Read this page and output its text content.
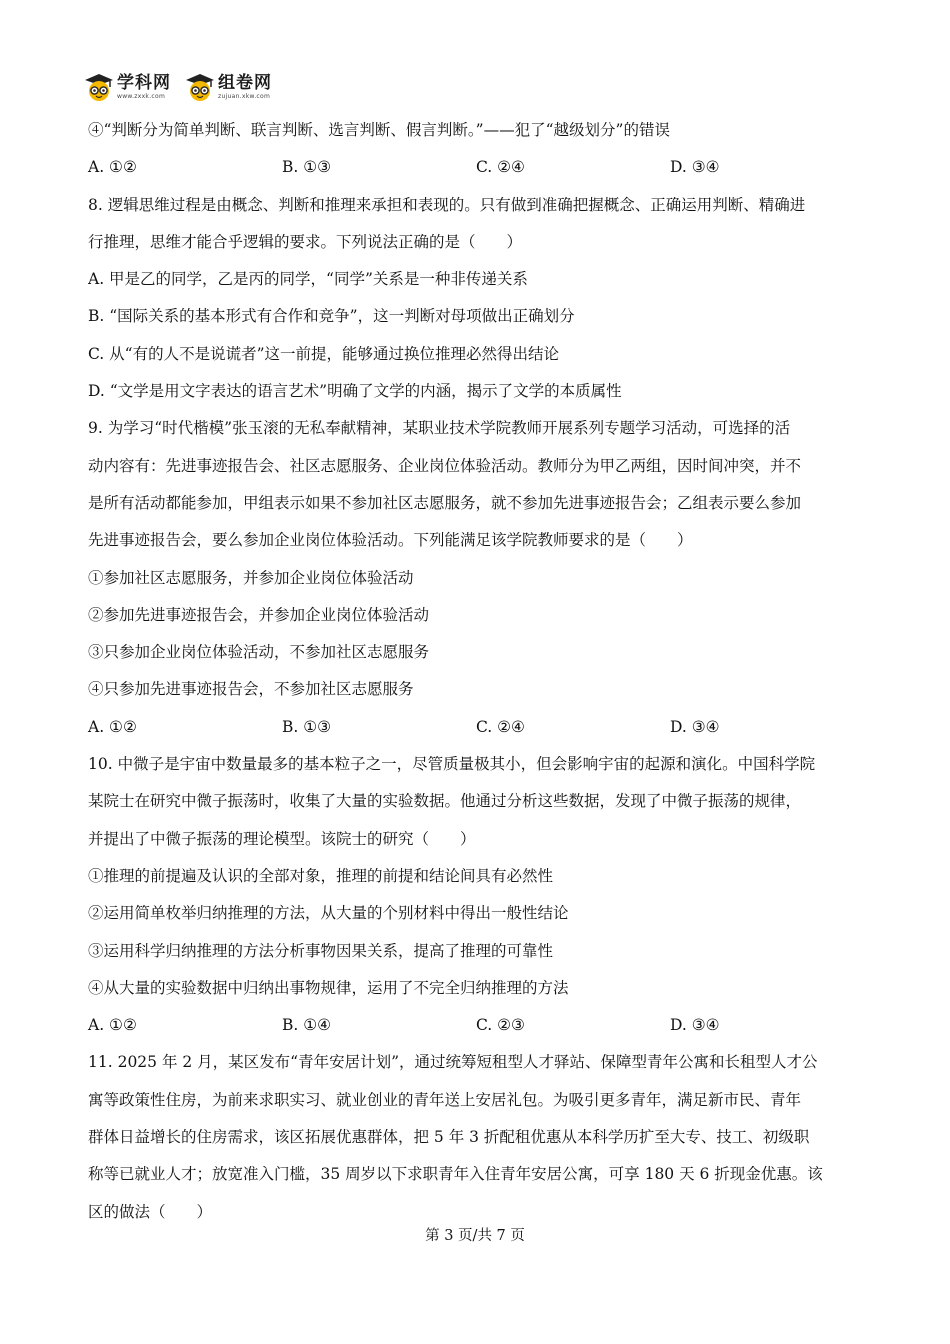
学科网
www.zxxk.com
组卷网
zujuan.xkw.com
④“判断分为简单判断、联言判断、选言判断、假言判断。”——犯了“越级划分”的错误
A. ①②	B. ①③	C. ②④	D. ③④
8. 逻辑思维过程是由概念、判断和推理来承担和表现的。只有做到准确把握概念、正确运用判断、精确进
行推理，思维才能合乎逻辑的要求。下列说法正确的是（　　）
A. 甲是乙的同学，乙是丙的同学，“同学”关系是一种非传递关系
B. “国际关系的基本形式有合作和竞争”，这一判断对母项做出正确划分
C. 从“有的人不是说谎者”这一前提，能够通过换位推理必然得出结论
D. “文学是用文字表达的语言艺术”明确了文学的内涵，揭示了文学的本质属性
9. 为学习“时代楷模”张玉滚的无私奉献精神，某职业技术学院教师开展系列专题学习活动，可选择的活
动内容有：先进事迹报告会、社区志愿服务、企业岗位体验活动。教师分为甲乙两组，因时间冲突，并不
是所有活动都能参加，甲组表示如果不参加社区志愿服务，就不参加先进事迹报告会；乙组表示要么参加
先进事迹报告会，要么参加企业岗位体验活动。下列能满足该学院教师要求的是（　　）
①参加社区志愿服务，并参加企业岗位体验活动
②参加先进事迹报告会，并参加企业岗位体验活动
③只参加企业岗位体验活动，不参加社区志愿服务
④只参加先进事迹报告会，不参加社区志愿服务
A. ①②	B. ①③	C. ②④	D. ③④
10. 中微子是宇宙中数量最多的基本粒子之一，尽管质量极其小，但会影响宇宙的起源和演化。中国科学院
某院士在研究中微子振荡时，收集了大量的实验数据。他通过分析这些数据，发现了中微子振荡的规律，
并提出了中微子振荡的理论模型。该院士的研究（　　）
①推理的前提遍及认识的全部对象，推理的前提和结论间具有必然性
②运用简单枚举归纳推理的方法，从大量的个别材料中得出一般性结论
③运用科学归纳推理的方法分析事物因果关系，提高了推理的可靠性
④从大量的实验数据中归纳出事物规律，运用了不完全归纳推理的方法
A. ①②	B. ①④	C. ②③	D. ③④
11. 2025 年 2 月，某区发布“青年安居计划”，通过统筹短租型人才驿站、保障型青年公寓和长租型人才公
寓等政策性住房，为前来求职实习、就业创业的青年送上安居礼包。为吸引更多青年，满足新市民、青年
群体日益增长的住房需求，该区拓展优惠群体，把 5 年 3 折配租优惠从本科学历扩至大专、技工、初级职
称等已就业人才；放宽准入门槛，35 周岁以下求职青年入住青年安居公寓，可享 180 天 6 折现金优惠。该
区的做法（　　）
第 3 页/共 7 页
